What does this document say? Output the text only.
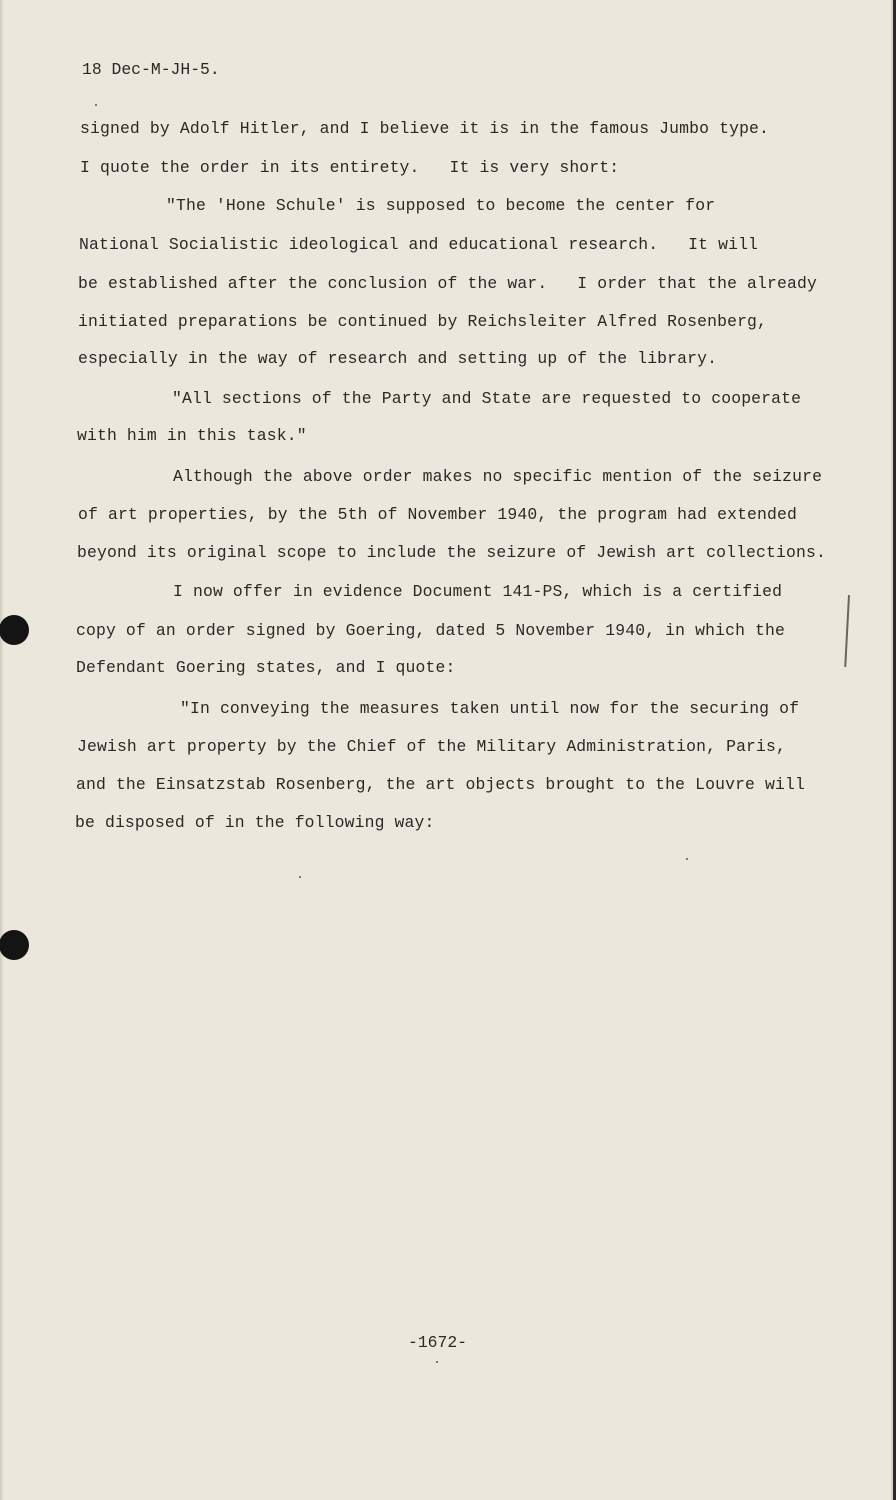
18 Dec-M-JH-5.
signed by Adolf Hitler, and I believe it is in the famous Jumbo type.
I quote the order in its entirety.   It is very short:
"The 'Hone Schule' is supposed to become the center for
National Socialistic ideological and educational research.   It will
be established after the conclusion of the war.   I order that the already
initiated preparations be continued by Reichsleiter Alfred Rosenberg,
especially in the way of research and setting up of the library.
"All sections of the Party and State are requested to cooperate
with him in this task."
Although the above order makes no specific mention of the seizure
of art properties, by the 5th of November 1940, the program had extended
beyond its original scope to include the seizure of Jewish art collections.
I now offer in evidence Document 141-PS, which is a certified
copy of an order signed by Goering, dated 5 November 1940, in which the
Defendant Goering states, and I quote:
"In conveying the measures taken until now for the securing of
Jewish art property by the Chief of the Military Administration, Paris,
and the Einsatzstab Rosenberg, the art objects brought to the Louvre will
be disposed of in the following way:
-1672-
